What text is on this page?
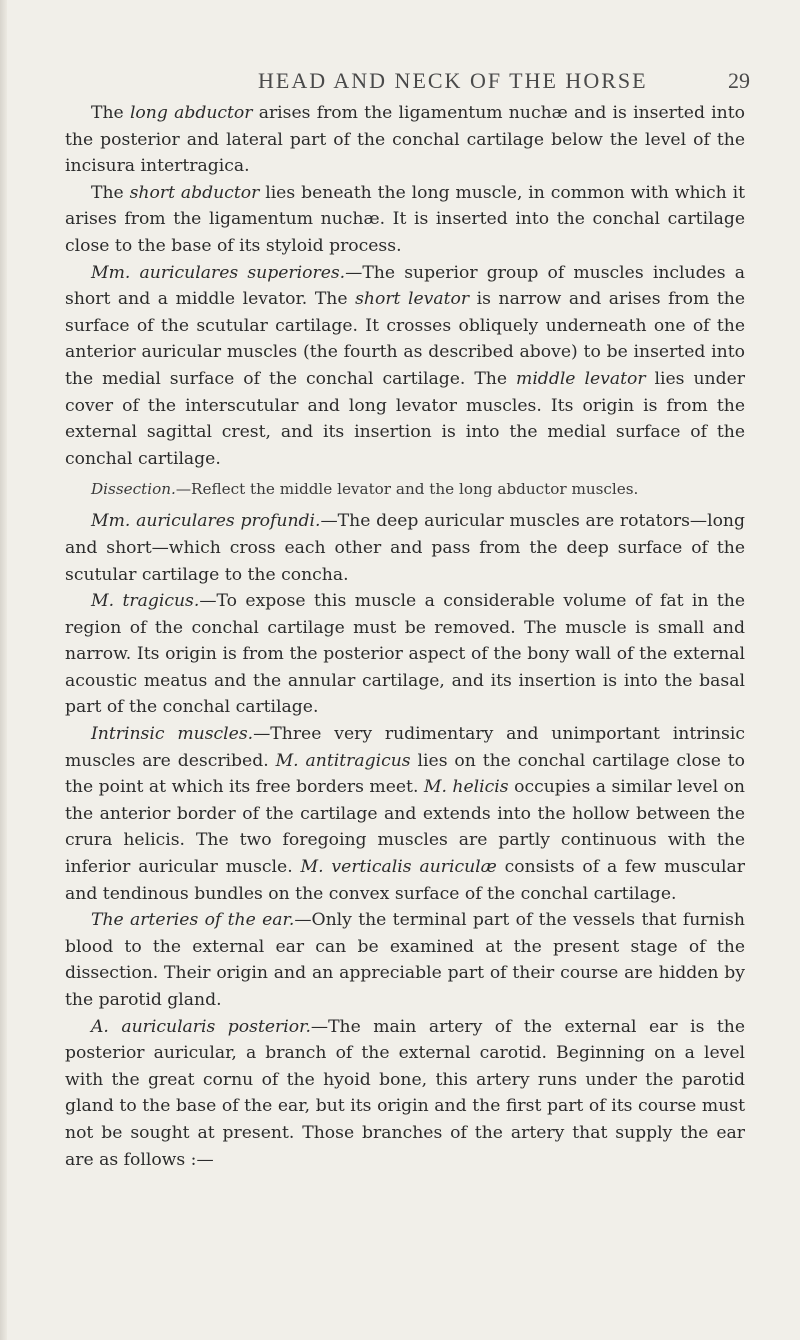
HEAD AND NECK OF THE HORSE	29

The long abductor arises from the ligamentum nuchæ and is inserted into the posterior and lateral part of the conchal cartilage below the level of the incisura intertragica.

The short abductor lies beneath the long muscle, in common with which it arises from the ligamentum nuchæ. It is inserted into the conchal cartilage close to the base of its styloid process.

Mm. auriculares superiores.—The superior group of muscles includes a short and a middle levator. The short levator is narrow and arises from the surface of the scutular cartilage. It crosses obliquely underneath one of the anterior auricular muscles (the fourth as described above) to be inserted into the medial surface of the conchal cartilage. The middle levator lies under cover of the interscutular and long levator muscles. Its origin is from the external sagittal crest, and its insertion is into the medial surface of the conchal cartilage.

Dissection.—Reflect the middle levator and the long abductor muscles.

Mm. auriculares profundi.—The deep auricular muscles are rotators—long and short—which cross each other and pass from the deep surface of the scutular cartilage to the concha.

M. tragicus.—To expose this muscle a considerable volume of fat in the region of the conchal cartilage must be removed. The muscle is small and narrow. Its origin is from the posterior aspect of the bony wall of the external acoustic meatus and the annular cartilage, and its insertion is into the basal part of the conchal cartilage.

Intrinsic muscles.—Three very rudimentary and unimportant intrinsic muscles are described. M. antitragicus lies on the conchal cartilage close to the point at which its free borders meet. M. helicis occupies a similar level on the anterior border of the cartilage and extends into the hollow between the crura helicis. The two foregoing muscles are partly continuous with the inferior auricular muscle. M. verticalis auriculæ consists of a few muscular and tendinous bundles on the convex surface of the conchal cartilage.

The arteries of the ear.—Only the terminal part of the vessels that furnish blood to the external ear can be examined at the present stage of the dissection. Their origin and an appreciable part of their course are hidden by the parotid gland.

A. auricularis posterior.—The main artery of the external ear is the posterior auricular, a branch of the external carotid. Beginning on a level with the great cornu of the hyoid bone, this artery runs under the parotid gland to the base of the ear, but its origin and the first part of its course must not be sought at present. Those branches of the artery that supply the ear are as follows :—
